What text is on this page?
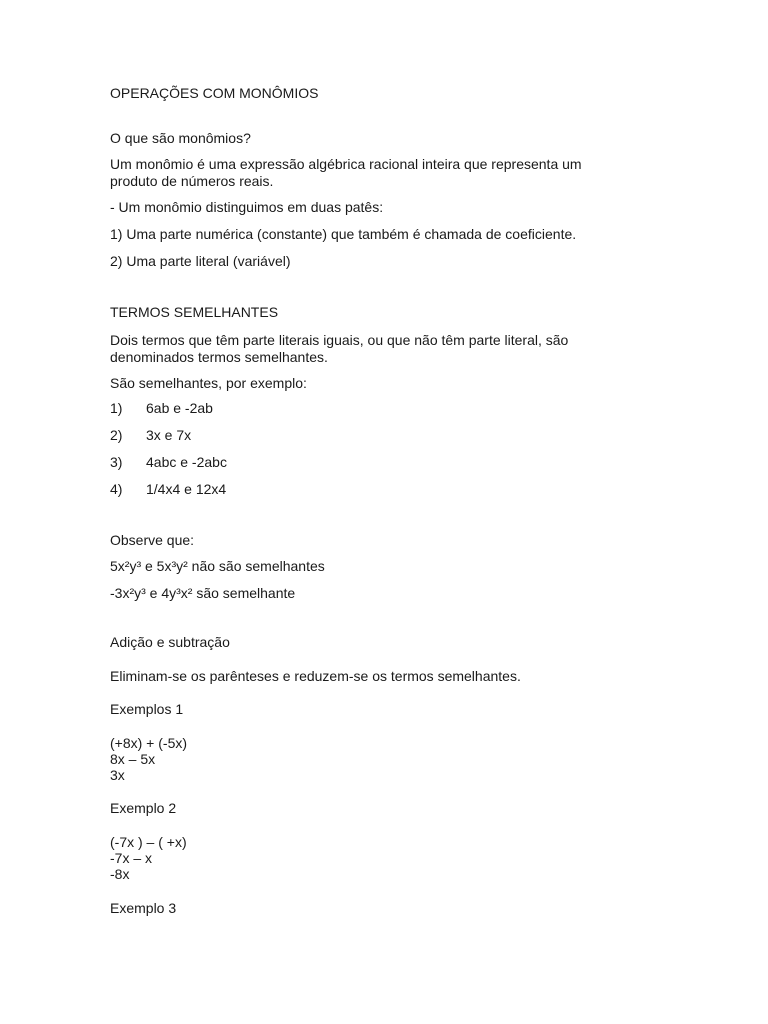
OPERAÇÕES COM MONÔMIOS

O que são monômios?

Um monômio é uma expressão algébrica racional inteira que representa um produto de números reais.

- Um monômio distinguimos em duas patês:

1) Uma parte numérica (constante) que também é chamada de coeficiente.

2) Uma parte literal (variável)

TERMOS SEMELHANTES

Dois termos que têm parte literais iguais, ou que não têm parte literal, são denominados termos semelhantes.

São semelhantes, por exemplo:

1) 6ab e -2ab
2) 3x e 7x
3) 4abc e -2abc
4) 1/4x4 e 12x4

Observe que:

5x²y³ e 5x³y² não são semelhantes

-3x²y³ e 4y³x² são semelhante

Adição e subtração

Eliminam-se os parênteses e reduzem-se os termos semelhantes.

Exemplos 1

(+8x) + (-5x)

8x – 5x

3x

Exemplo 2

(-7x ) – ( +x)

-7x – x

-8x

Exemplo 3
